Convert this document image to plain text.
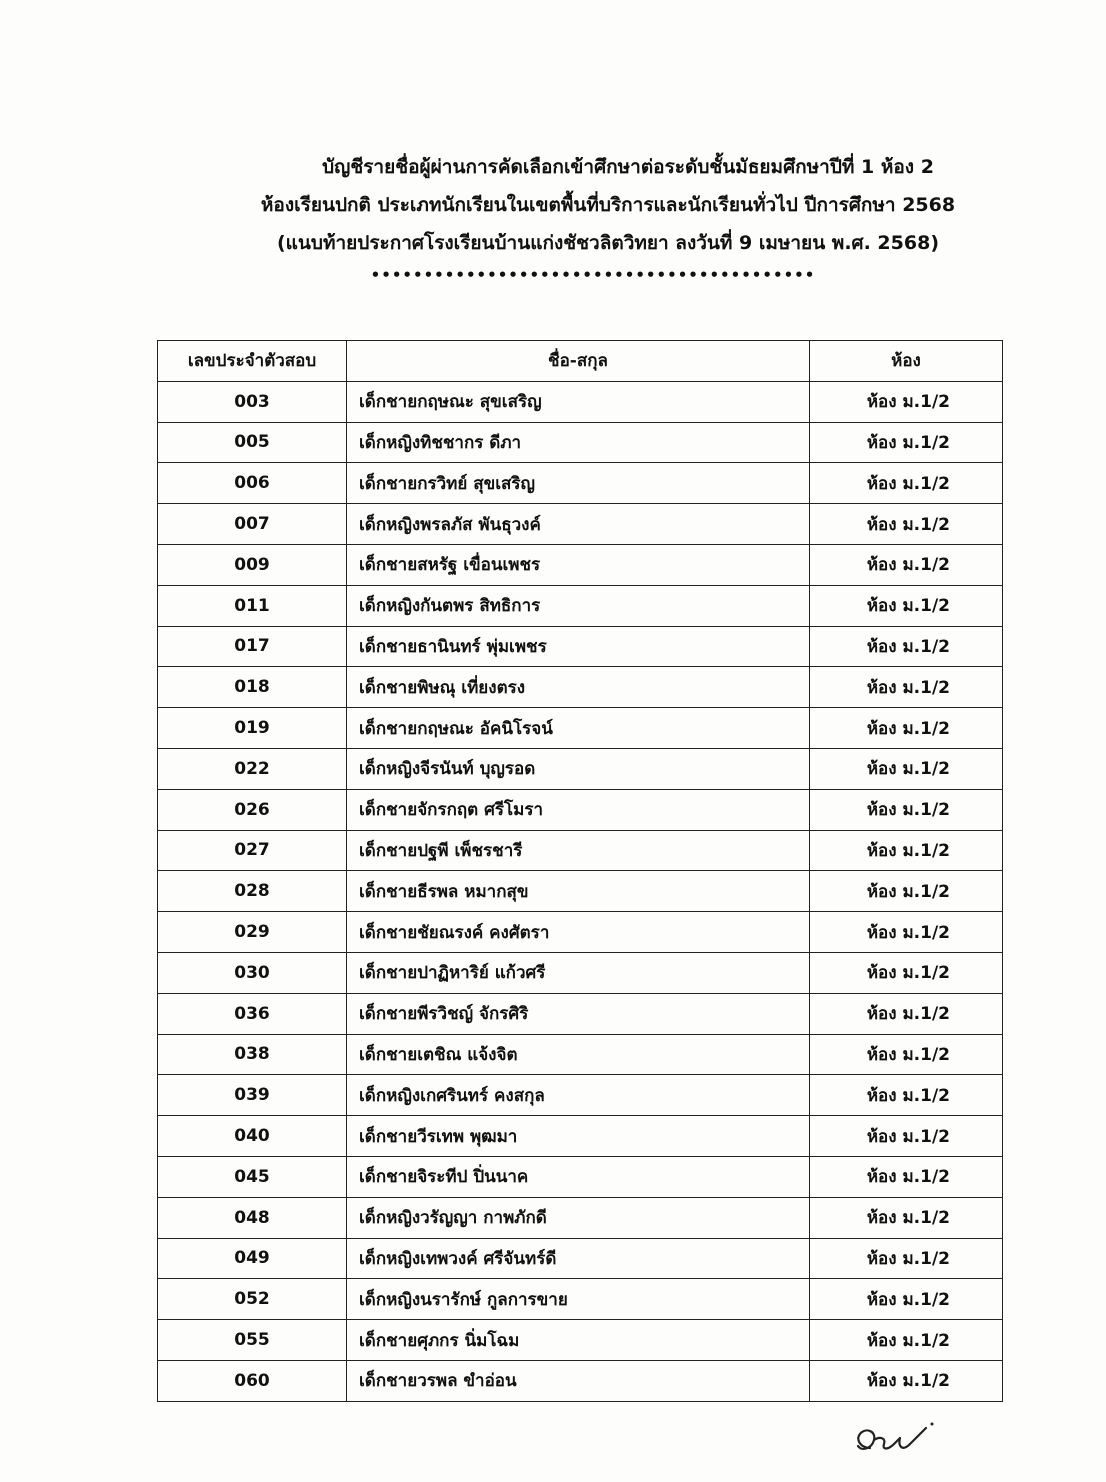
บัญชีรายชื่อผู้ผ่านการคัดเลือกเข้าศึกษาต่อระดับชั้นมัธยมศึกษาปีที่ 1 ห้อง 2
ห้องเรียนปกติ ประเภทนักเรียนในเขตพื้นที่บริการและนักเรียนทั่วไป ปีการศึกษา 2568
(แนบท้ายประกาศโรงเรียนบ้านแก่งชัชวลิตวิทยา ลงวันที่ 9 เมษายน พ.ศ. 2568)
••••••••••••••••••••••••••••••••••••••••••
เลขประจำตัวสอบ	ชื่อ-สกุล	ห้อง
003	เด็กชายกฤษณะ สุขเสริญ	ห้อง ม.1/2
005	เด็กหญิงทิชชากร ดีภา	ห้อง ม.1/2
006	เด็กชายกรวิทย์ สุขเสริญ	ห้อง ม.1/2
007	เด็กหญิงพรลภัส พันธุวงค์	ห้อง ม.1/2
009	เด็กชายสหรัฐ เขื่อนเพชร	ห้อง ม.1/2
011	เด็กหญิงกันตพร สิทธิการ	ห้อง ม.1/2
017	เด็กชายธานินทร์ พุ่มเพชร	ห้อง ม.1/2
018	เด็กชายพิษณุ เที่ยงตรง	ห้อง ม.1/2
019	เด็กชายกฤษณะ อัคนิโรจน์	ห้อง ม.1/2
022	เด็กหญิงจีรนันท์ บุญรอด	ห้อง ม.1/2
026	เด็กชายจักรกฤต ศรีโมรา	ห้อง ม.1/2
027	เด็กชายปฐพี เพ็ชรชารี	ห้อง ม.1/2
028	เด็กชายธีรพล หมากสุข	ห้อง ม.1/2
029	เด็กชายชัยณรงค์ คงศัตรา	ห้อง ม.1/2
030	เด็กชายปาฏิหาริย์ แก้วศรี	ห้อง ม.1/2
036	เด็กชายพีรวิชญ์ จักรศิริ	ห้อง ม.1/2
038	เด็กชายเตชิณ แจ้งจิต	ห้อง ม.1/2
039	เด็กหญิงเกศรินทร์ คงสกุล	ห้อง ม.1/2
040	เด็กชายวีรเทพ พุฒมา	ห้อง ม.1/2
045	เด็กชายจิระทีป ปิ่นนาค	ห้อง ม.1/2
048	เด็กหญิงวรัญญา กาพภักดี	ห้อง ม.1/2
049	เด็กหญิงเทพวงค์ ศรีจันทร์ดี	ห้อง ม.1/2
052	เด็กหญิงนรารักษ์ กูลการขาย	ห้อง ม.1/2
055	เด็กชายศุภกร นิ่มโฉม	ห้อง ม.1/2
060	เด็กชายวรพล ขำอ่อน	ห้อง ม.1/2
